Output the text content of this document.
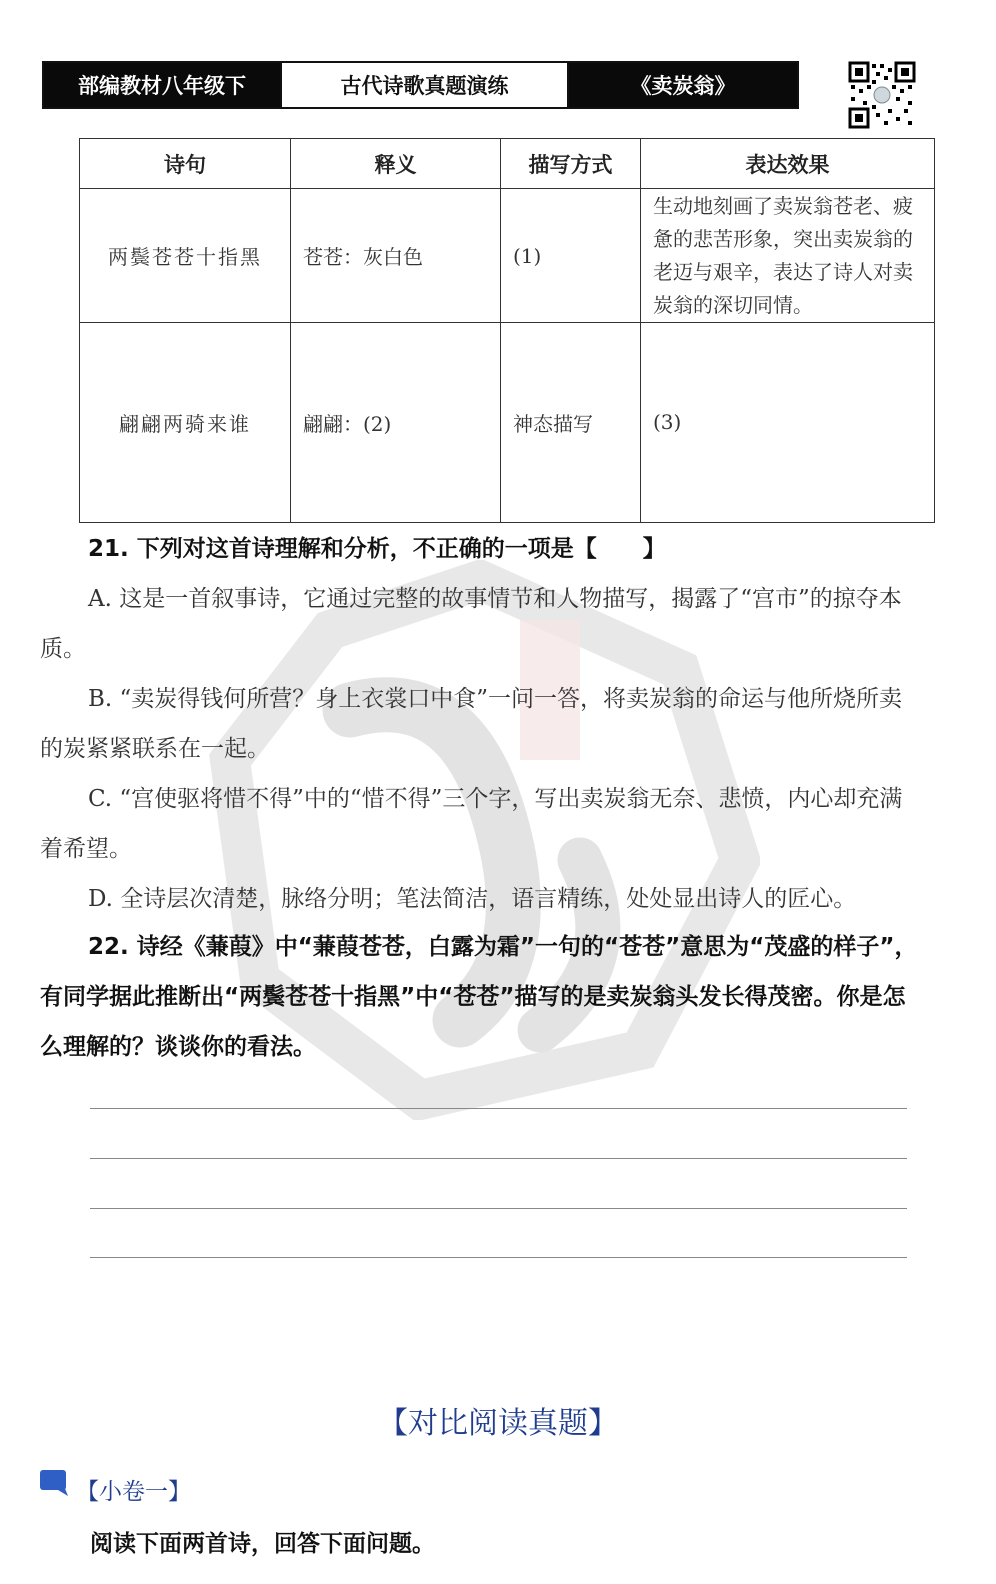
部编教材八年级下	古代诗歌真题演练	《卖炭翁》
诗句	释义	描写方式	表达效果
两鬓苍苍十指黑	苍苍：灰白色	(1)	生动地刻画了卖炭翁苍老、疲惫的悲苦形象，突出卖炭翁的老迈与艰辛，表达了诗人对卖炭翁的深切同情。
翩翩两骑来谁	翩翩：(2)	神态描写	(3)
21. 下列对这首诗理解和分析，不正确的一项是【　　】
A. 这是一首叙事诗，它通过完整的故事情节和人物描写，揭露了“宫市”的掠夺本质。
B. “卖炭得钱何所营？身上衣裳口中食”一问一答，将卖炭翁的命运与他所烧所卖的炭紧紧联系在一起。
C. “宫使驱将惜不得”中的“惜不得”三个字，写出卖炭翁无奈、悲愤，内心却充满着希望。
D. 全诗层次清楚，脉络分明；笔法简洁，语言精练，处处显出诗人的匠心。
22. 诗经《蒹葭》中“蒹葭苍苍，白露为霜”一句的“苍苍”意思为“茂盛的样子”，有同学据此推断出“两鬓苍苍十指黑”中“苍苍”描写的是卖炭翁头发长得茂密。你是怎么理解的？谈谈你的看法。
【对比阅读真题】
【小卷一】
阅读下面两首诗，回答下面问题。
